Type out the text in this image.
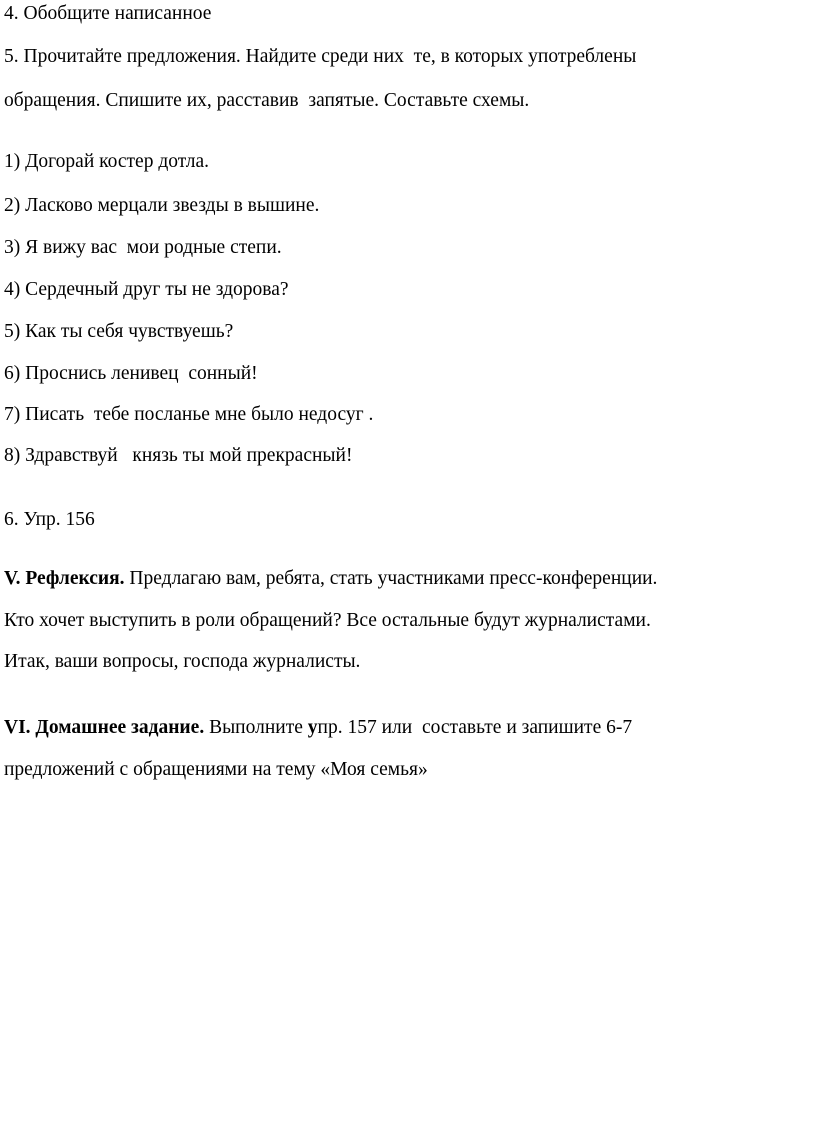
4. Обобщите написанное
5. Прочитайте предложения. Найдите среди них  те, в которых употреблены
обращения. Спишите их, расставив  запятые. Составьте схемы.
1) Догорай костер дотла.
2) Ласково мерцали звезды в вышине.
3) Я вижу вас  мои родные степи.
4) Сердечный друг ты не здорова?
5) Как ты себя чувствуешь?
6) Проснись ленивец  сонный!
7) Писать  тебе посланье мне было недосуг .
8) Здравствуй   князь ты мой прекрасный!
6. Упр. 156
V. Рефлексия. Предлагаю вам, ребята, стать участниками пресс-конференции.
Кто хочет выступить в роли обращений? Все остальные будут журналистами.
Итак, ваши вопросы, господа журналисты.
VI. Домашнее задание. Выполните упр. 157 или  составьте и запишите 6-7
предложений с обращениями на тему «Моя семья»
